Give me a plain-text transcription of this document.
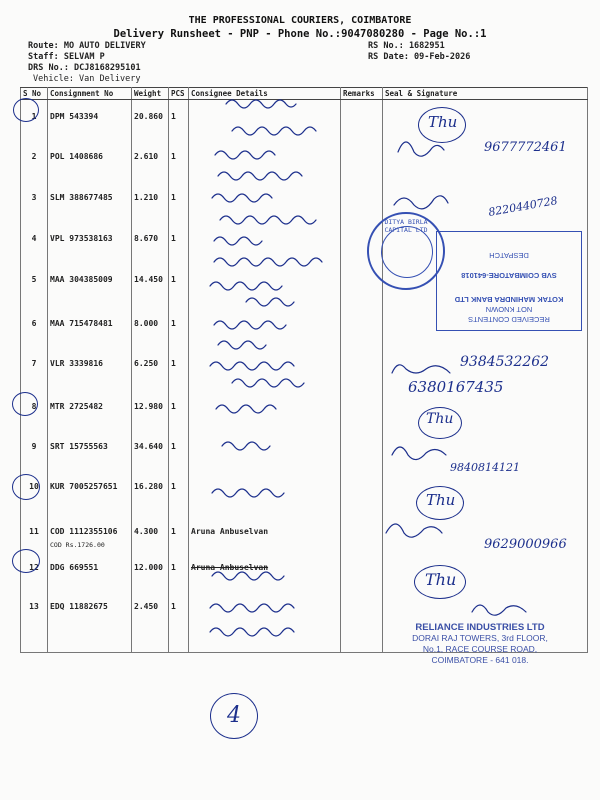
THE PROFESSIONAL COURIERS, COIMBATORE
Delivery Runsheet - PNP - Phone No.:9047080280 - Page No.:1
Route: MO AUTO DELIVERY
Staff: SELVAM P
DRS No.: DCJ8168295101
Vehicle: Van Delivery
RS No.: 1682951
RS Date: 09-Feb-2026
S No	Consignment No	Weight	PCS	Consignee Details	Remarks	Seal & Signature
1	DPM 543394	20.860	1			
2	POL 1408686	2.610	1			
3	SLM 388677485	1.210	1			
4	VPL 973538163	8.670	1			
5	MAA 304385009	14.450	1			
6	MAA 715478481	8.000	1			
7	VLR 3339816	6.250	1			
8	MTR 2725482	12.980	1			
9	SRT 15755563	34.640	1			
10	KUR 7005257651	16.280	1			
11	COD 1112355106
COD Rs.1726.00	4.300	1	Aruna Anbuselvan		
12	DDG 669551	12.000	1	Aruna Anbuselvan		
13	EDQ 11882675	2.450	1			
Thu
Thu
Thu
Thu
9677772461
8220440728
9384532262
6380167435
9840814121
9629000966
DITYA BIRLA CAPITAL LTD
RECEIVED CONTENTS
NOT KNOWN
KOTAK MAHINDRA BANK LTD
SVB COIMBATORE-641018
DESPATCH
RELIANCE INDUSTRIES LTD
DORAI RAJ TOWERS, 3rd FLOOR,
No.1, RACE COURSE ROAD,
COIMBATORE - 641 018.
4
